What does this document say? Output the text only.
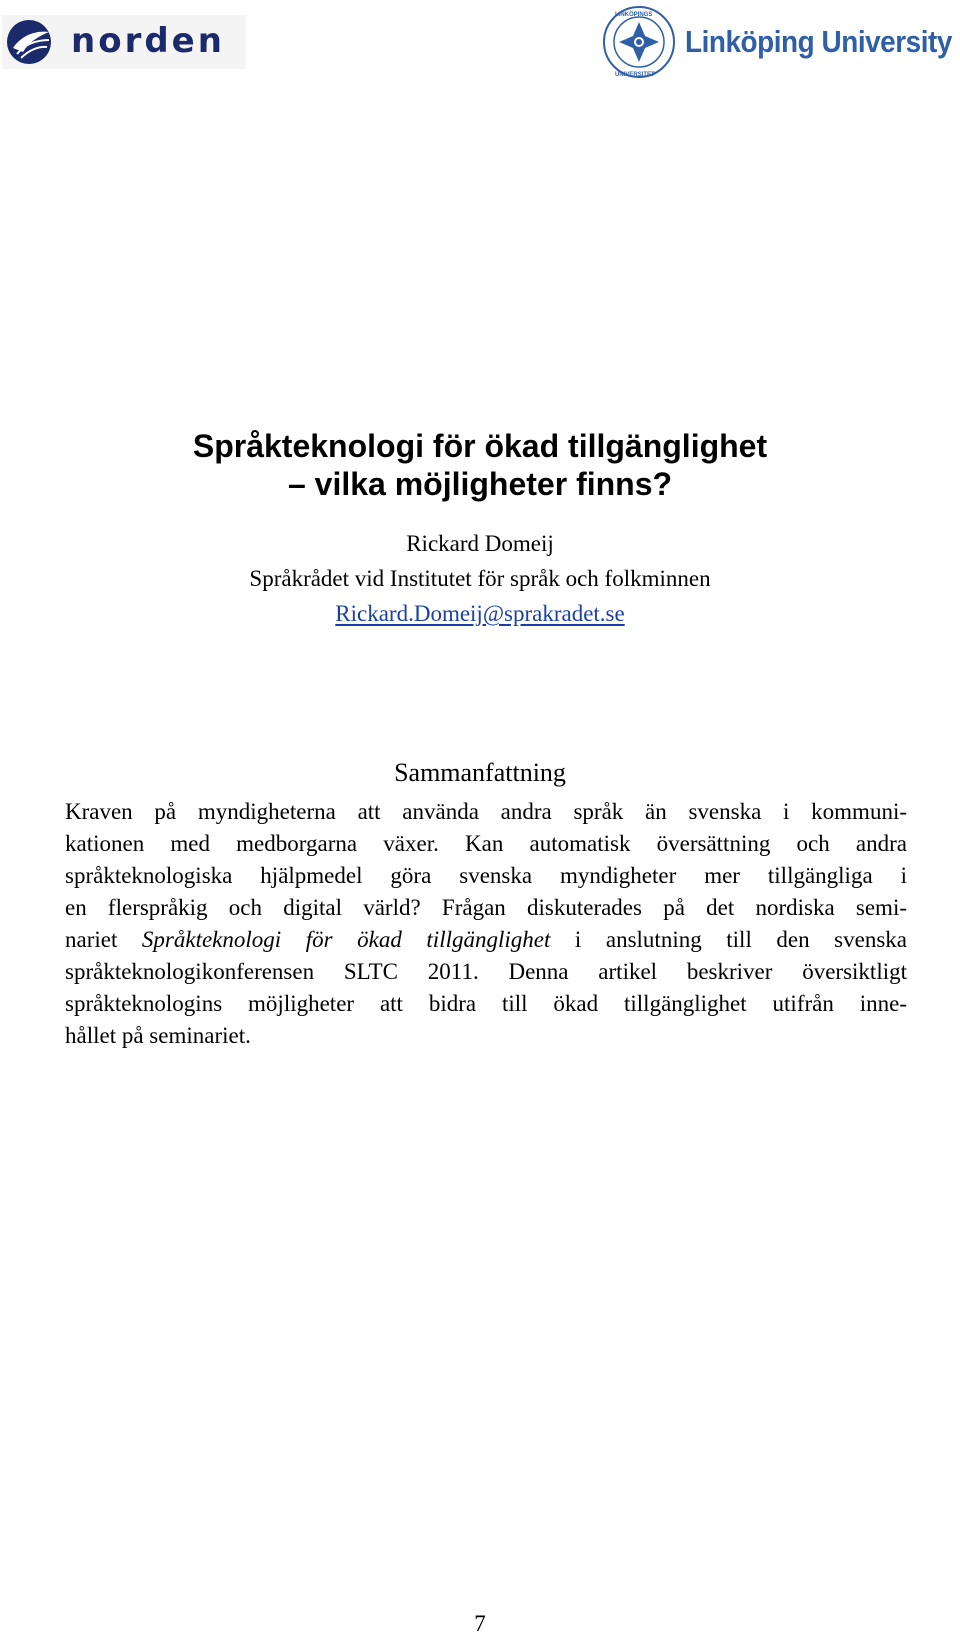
norden
LINKÖPINGS
UNIVERSITET
Linköping University
Språkteknologi för ökad tillgänglighet
– vilka möjligheter finns?
Rickard Domeij
Språkrådet vid Institutet för språk och folkminnen
Rickard.Domeij@sprakradet.se
Sammanfattning
Kraven på myndigheterna att använda andra språk än svenska i kommuni-
kationen med medborgarna växer. Kan automatisk översättning och andra
språkteknologiska hjälpmedel göra svenska myndigheter mer tillgängliga i
en flerspråkig och digital värld? Frågan diskuterades på det nordiska semi-
nariet Språkteknologi för ökad tillgänglighet i anslutning till den svenska
språkteknologikonferensen SLTC 2011. Denna artikel beskriver översiktligt
språkteknologins möjligheter att bidra till ökad tillgänglighet utifrån inne-
hållet på seminariet.
7
